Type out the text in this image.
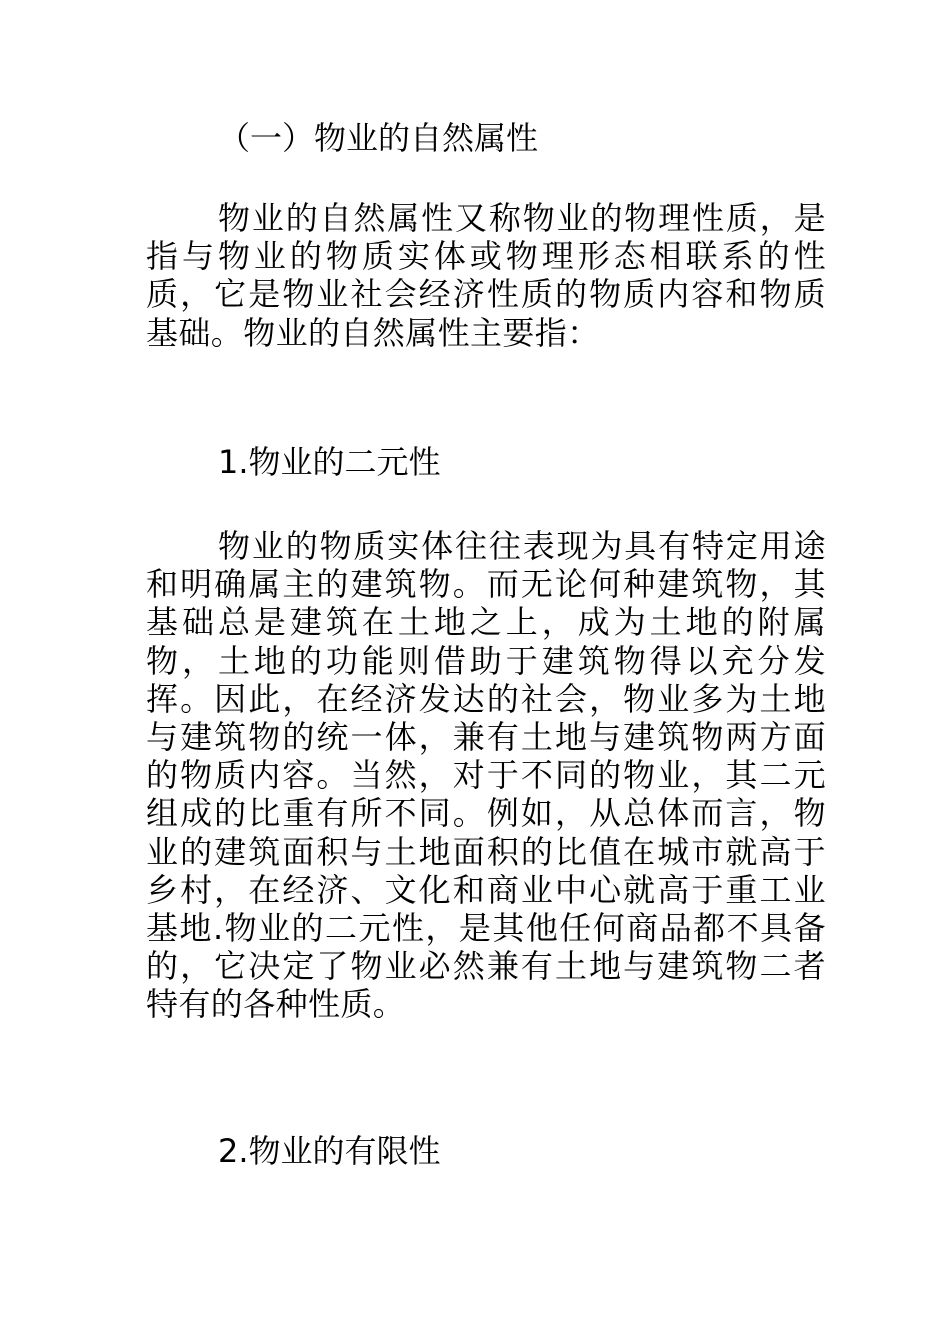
（一）物业的自然属性
物业的自然属性又称物业的物理性质，是指与物业的物质实体或物理形态相联系的性质，它是物业社会经济性质的物质内容和物质基础。物业的自然属性主要指：
1.物业的二元性
物业的物质实体往往表现为具有特定用途和明确属主的建筑物。而无论何种建筑物，其基础总是建筑在土地之上，成为土地的附属物，土地的功能则借助于建筑物得以充分发挥。因此，在经济发达的社会，物业多为土地与建筑物的统一体，兼有土地与建筑物两方面的物质内容。当然，对于不同的物业，其二元组成的比重有所不同。例如，从总体而言，物业的建筑面积与土地面积的比值在城市就高于乡村，在经济、文化和商业中心就高于重工业基地.物业的二元性，是其他任何商品都不具备的，它决定了物业必然兼有土地与建筑物二者特有的各种性质。
2.物业的有限性
